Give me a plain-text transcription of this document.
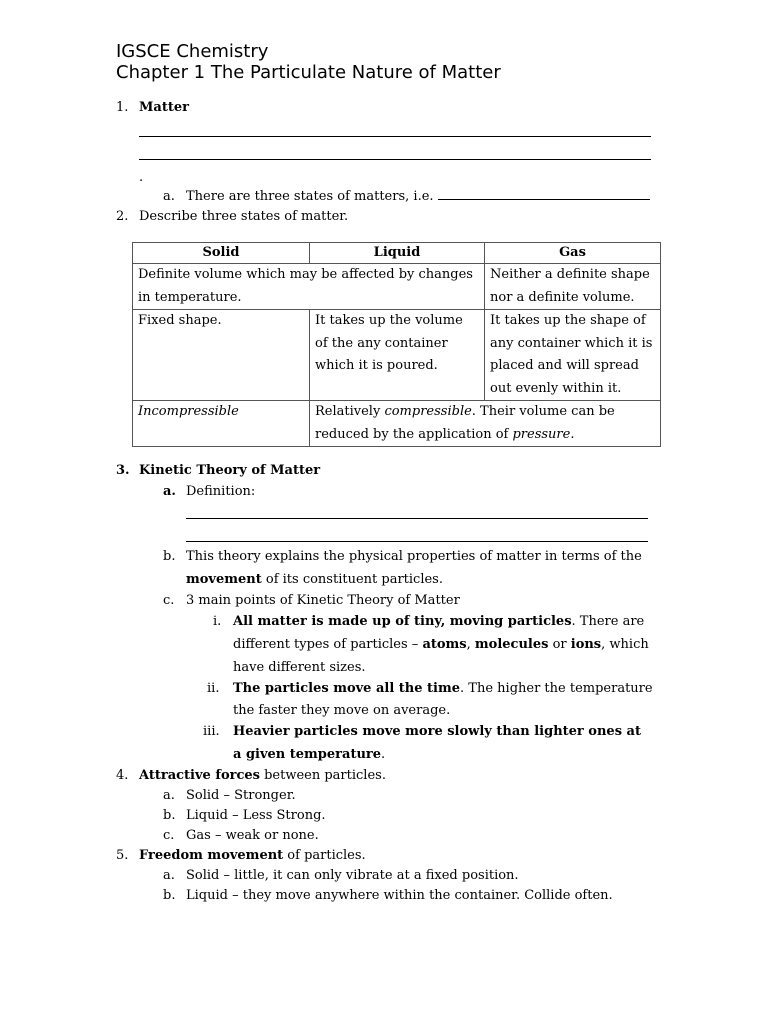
IGSCE Chemistry
Chapter 1 The Particulate Nature of Matter
1. Matter
.
a. There are three states of matters, i.e.
2. Describe three states of matter.
Solid	Liquid	Gas
Definite volume which may be affected by changes in temperature.		Neither a definite shape nor a definite volume.
Fixed shape.	It takes up the volume of the any container which it is poured.	It takes up the shape of any container which it is placed and will spread out evenly within it.
Incompressible	Relatively compressible. Their volume can be reduced by the application of pressure.	
3. Kinetic Theory of Matter
a. Definition:
b. This theory explains the physical properties of matter in terms of the
movement of its constituent particles.
c. 3 main points of Kinetic Theory of Matter
i. All matter is made up of tiny, moving particles. There are
different types of particles – atoms, molecules or ions, which
have different sizes.
ii. The particles move all the time. The higher the temperature
the faster they move on average.
iii. Heavier particles move more slowly than lighter ones at
a given temperature.
4. Attractive forces between particles.
a. Solid – Stronger.
b. Liquid – Less Strong.
c. Gas – weak or none.
5. Freedom movement of particles.
a. Solid – little, it can only vibrate at a fixed position.
b. Liquid – they move anywhere within the container. Collide often.
